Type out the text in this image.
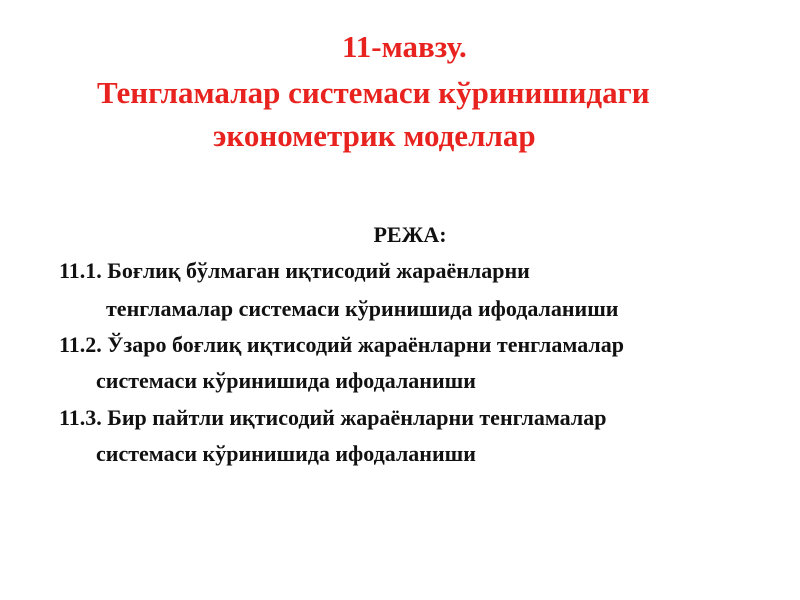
11-мавзу.
Тенгламалар системаси кўринишидаги
эконометрик моделлар
РЕЖА:
11.1. Боғлиқ бўлмаган иқтисодий жараёнларни
тенгламалар системаси кўринишида ифодаланиши
11.2. Ўзаро боғлиқ иқтисодий жараёнларни тенгламалар
системаси кўринишида ифодаланиши
11.3. Бир пайтли иқтисодий жараёнларни тенгламалар
системаси кўринишида ифодаланиши
